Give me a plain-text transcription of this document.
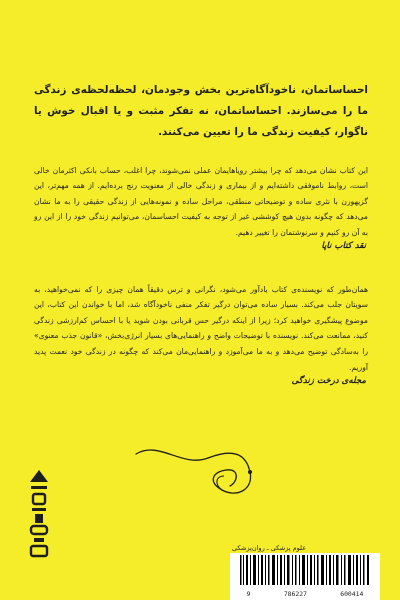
احساساتمان، ناخودآگاه‌ترین بخش وجودمان، لحظه‌لحظه‌ی زندگی ما را می‌سازند. احساساتمان، نه تفکر مثبت و یا اقبال خوش یا ناگوار، کیفیت زندگی ما را تعیین می‌کنند.

این کتاب نشان می‌دهد که چرا بیشتر رویاهایمان عملی نمی‌شوند، چرا اغلب، حساب بانکی اکثرمان خالی است، روابط ناموفقی داشته‌ایم و از بیماری و زندگی خالی از معنویت رنج برده‌ایم. از همه مهم‌تر، این گزیهورن با نثری ساده و توضیحاتی منطقی، مراحل ساده و نمونه‌هایی از زندگی حقیقی را به ما نشان می‌دهد که چگونه بدون هیچ کوششی غیر از توجه به کیفیت احساسمان، می‌توانیم زندگی خود را از این رو به آن رو کنیم و سرنوشتمان را تغییر دهیم.

نقد کتاب ناپا

همان‌طور که نویسنده‌ی کتاب یادآور می‌شود، نگرانی و ترس دقیقاً همان چیزی را که نمی‌خواهید، به سویتان جلب می‌کند. بسیار ساده می‌توان درگیر تفکر منفی ناخودآگاه شد، اما با خواندن این کتاب، این موضوع پیشگیری خواهید کرد؛ زیرا از اینکه درگیر حس قربانی بودن شوید یا با احساس کم‌ارزشی زندگی کنید، ممانعت می‌کند. نویسنده با توضیحات واضح و راهنمایی‌های بسیار انرژی‌بخش، «قانون جذب معنوی» را به‌سادگی توضیح می‌دهد و به ما می‌آموزد و راهنمایی‌مان می‌کند که چگونه در زندگی خود نعمت پدید آوریم.

مجله‌ی درخت زندگی
علوم پزشکی ـ روان‌پزشکی
9	786227	600414
